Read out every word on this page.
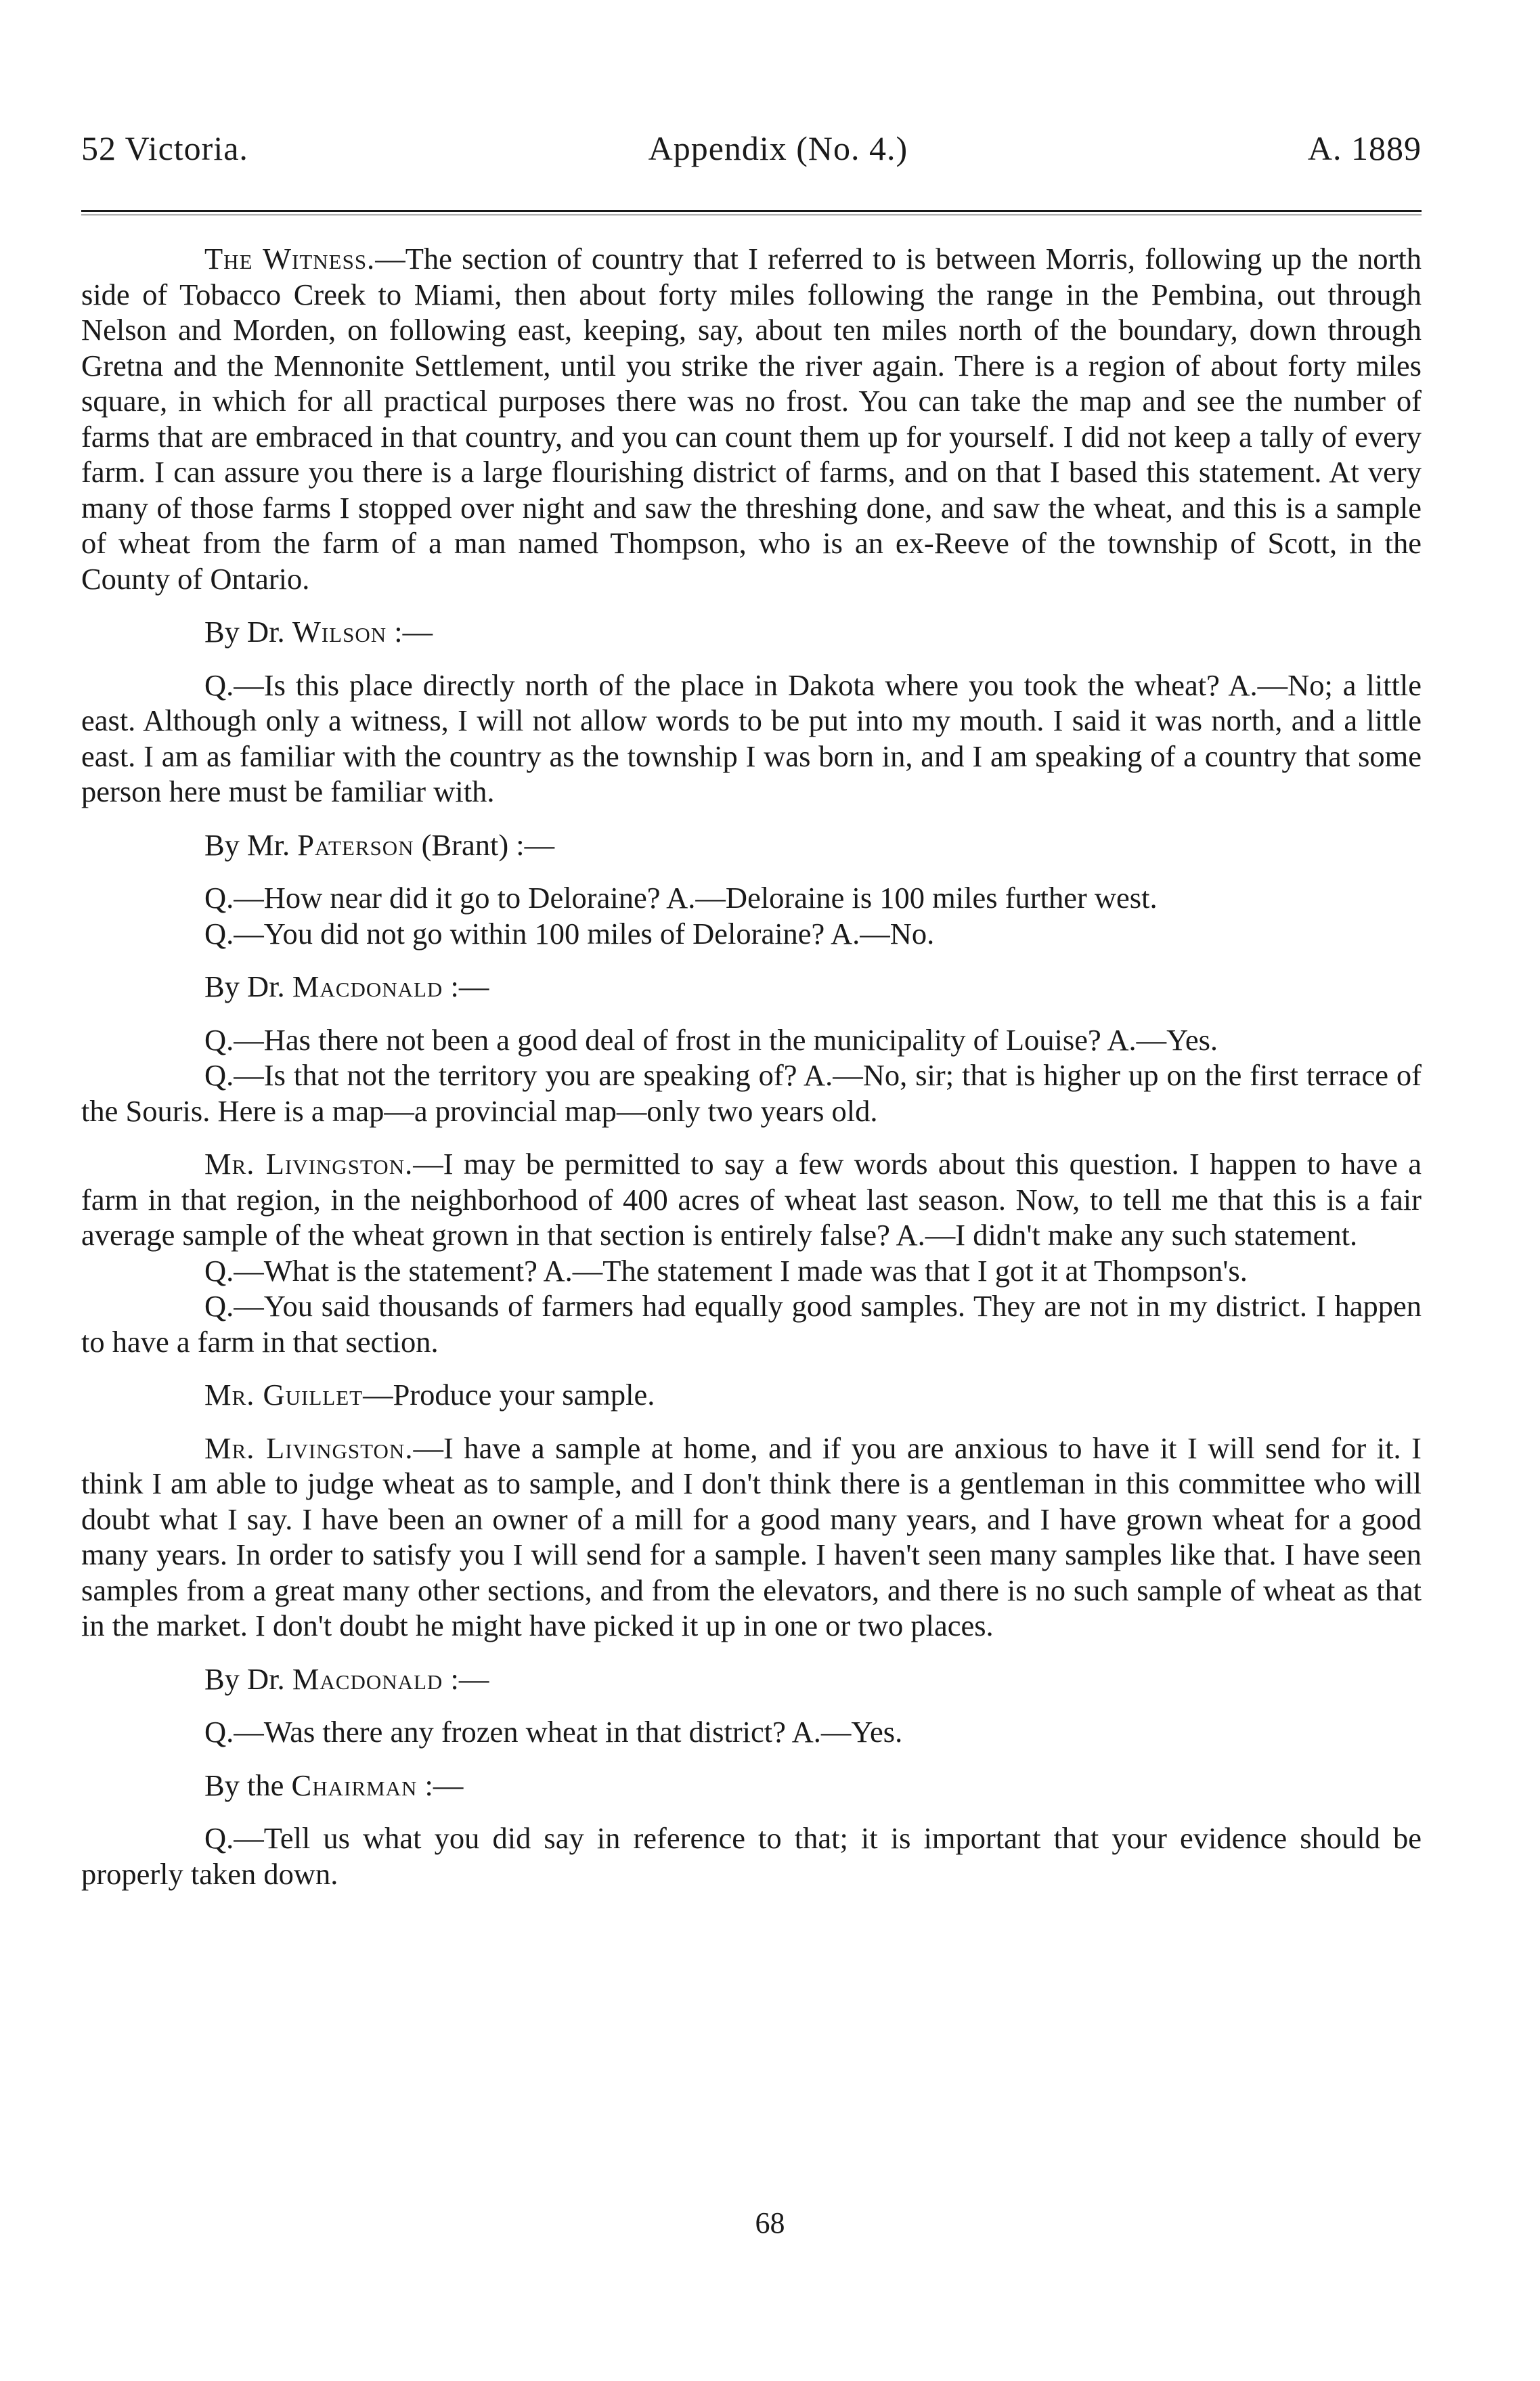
52 Victoria.	Appendix (No. 4.)	A. 1889

The Witness.—The section of country that I referred to is between Morris, following up the north side of Tobacco Creek to Miami, then about forty miles following the range in the Pembina, out through Nelson and Morden, on following east, keeping, say, about ten miles north of the boundary, down through Gretna and the Mennonite Settlement, until you strike the river again. There is a region of about forty miles square, in which for all practical purposes there was no frost. You can take the map and see the number of farms that are embraced in that country, and you can count them up for yourself. I did not keep a tally of every farm. I can assure you there is a large flourishing district of farms, and on that I based this statement. At very many of those farms I stopped over night and saw the threshing done, and saw the wheat, and this is a sample of wheat from the farm of a man named Thompson, who is an ex-Reeve of the township of Scott, in the County of Ontario.

By Dr. Wilson :—

Q.—Is this place directly north of the place in Dakota where you took the wheat? A.—No; a little east. Although only a witness, I will not allow words to be put into my mouth. I said it was north, and a little east. I am as familiar with the country as the township I was born in, and I am speaking of a country that some person here must be familiar with.

By Mr. Paterson (Brant) :—

Q.—How near did it go to Deloraine? A.—Deloraine is 100 miles further west.

Q.—You did not go within 100 miles of Deloraine? A.—No.

By Dr. Macdonald :—

Q.—Has there not been a good deal of frost in the municipality of Louise? A.—Yes.

Q.—Is that not the territory you are speaking of? A.—No, sir; that is higher up on the first terrace of the Souris. Here is a map—a provincial map—only two years old.

Mr. Livingston.—I may be permitted to say a few words about this question. I happen to have a farm in that region, in the neighborhood of 400 acres of wheat last season. Now, to tell me that this is a fair average sample of the wheat grown in that section is entirely false? A.—I didn't make any such statement.

Q.—What is the statement? A.—The statement I made was that I got it at Thompson's.

Q.—You said thousands of farmers had equally good samples. They are not in my district. I happen to have a farm in that section.

Mr. Guillet—Produce your sample.

Mr. Livingston.—I have a sample at home, and if you are anxious to have it I will send for it. I think I am able to judge wheat as to sample, and I don't think there is a gentleman in this committee who will doubt what I say. I have been an owner of a mill for a good many years, and I have grown wheat for a good many years. In order to satisfy you I will send for a sample. I haven't seen many samples like that. I have seen samples from a great many other sections, and from the elevators, and there is no such sample of wheat as that in the market. I don't doubt he might have picked it up in one or two places.

By Dr. Macdonald :—

Q.—Was there any frozen wheat in that district? A.—Yes.

By the Chairman :—

Q.—Tell us what you did say in reference to that; it is important that your evidence should be properly taken down.

68
